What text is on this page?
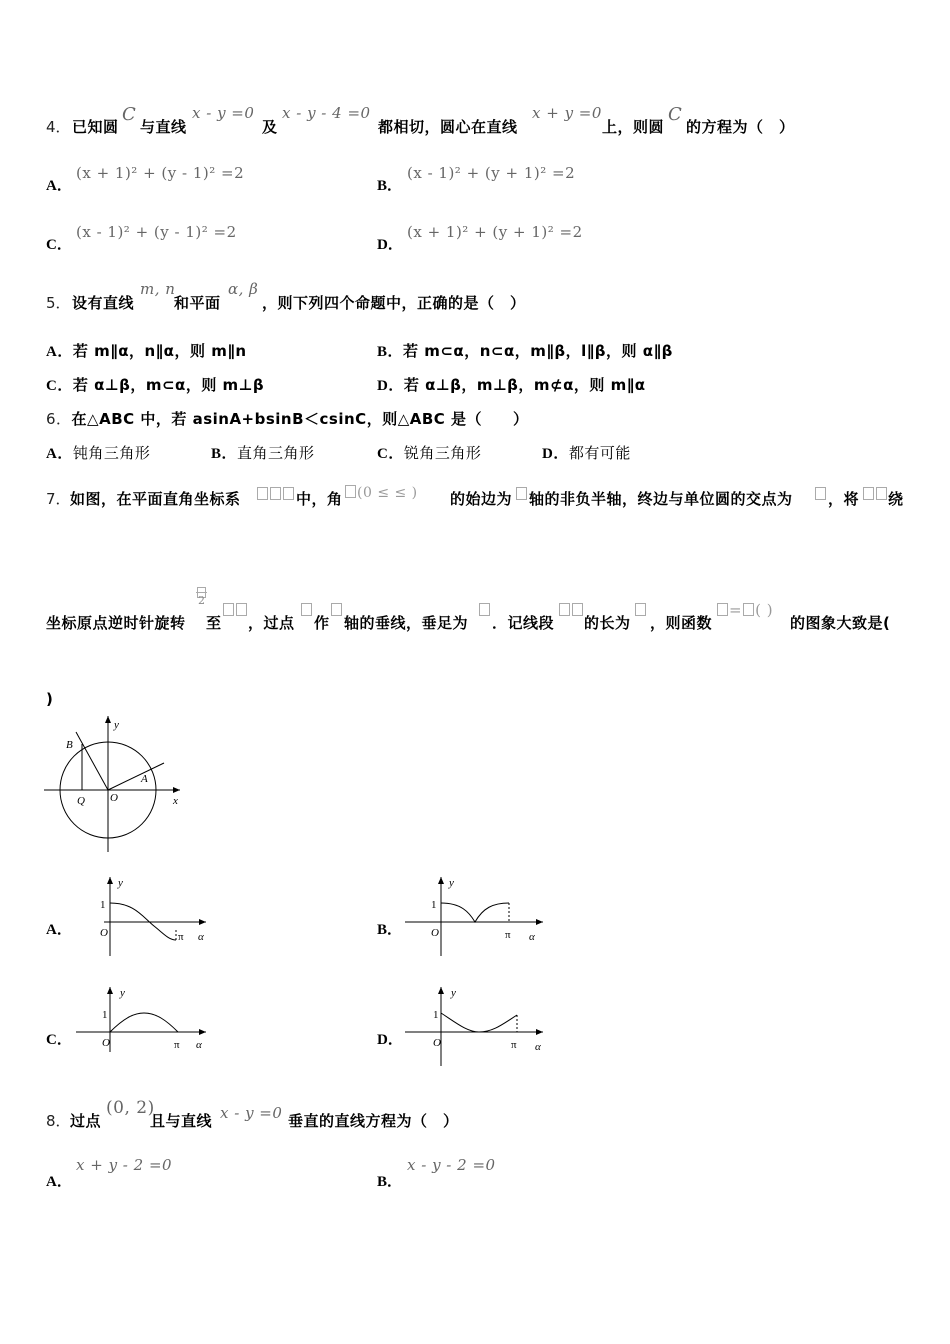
4． 已知圆
C
与直线
x - y =0
及
x - y - 4 =0
都相切，圆心在直线
x + y =0
上，则圆
C
的方程为（　）
A．
(x + 1)² + (y - 1)² =2
B．
(x - 1)² + (y + 1)² =2
C．
(x - 1)² + (y - 1)² =2
D．
(x + 1)² + (y + 1)² =2
5． 设有直线
m, n
和平面
α, β
，则下列四个命题中，正确的是（　）
A．若 m∥α，n∥α，则 m∥n	B．若 m⊂α，n⊂α，m∥β，l∥β，则 α∥β
C．若 α⊥β，m⊂α，则 m⊥β	D．若 α⊥β，m⊥β，m⊄α，则 m∥α
6．在△ABC 中，若 asinA+bsinB＜csinC，则△ABC 是（　　）
A．钝角三角形	B．直角三角形	C．锐角三角形	D．都有可能
7． 如图，在平面直角坐标系	中，角	(0 ≤ ≤ ) 的始边为 轴的非负半轴，终边与单位圆的交点为 ，将 绕
坐标原点逆时针旋转
2
至 ，过点 作 轴的垂线，垂足为 ．记线段 的长为 ，则函数
= ( )
的图象大致是(
)
y
x
B
A
Q O
A．
y
1
O	π α	B．
y
1
O	π α
C．
y
1
O	π α	D．
y
1
O	π α
8． 过点
(0, 2)
且与直线 x - y =0 垂直的直线方程为（　）
A．
x + y - 2 =0
B．
x - y - 2 =0
